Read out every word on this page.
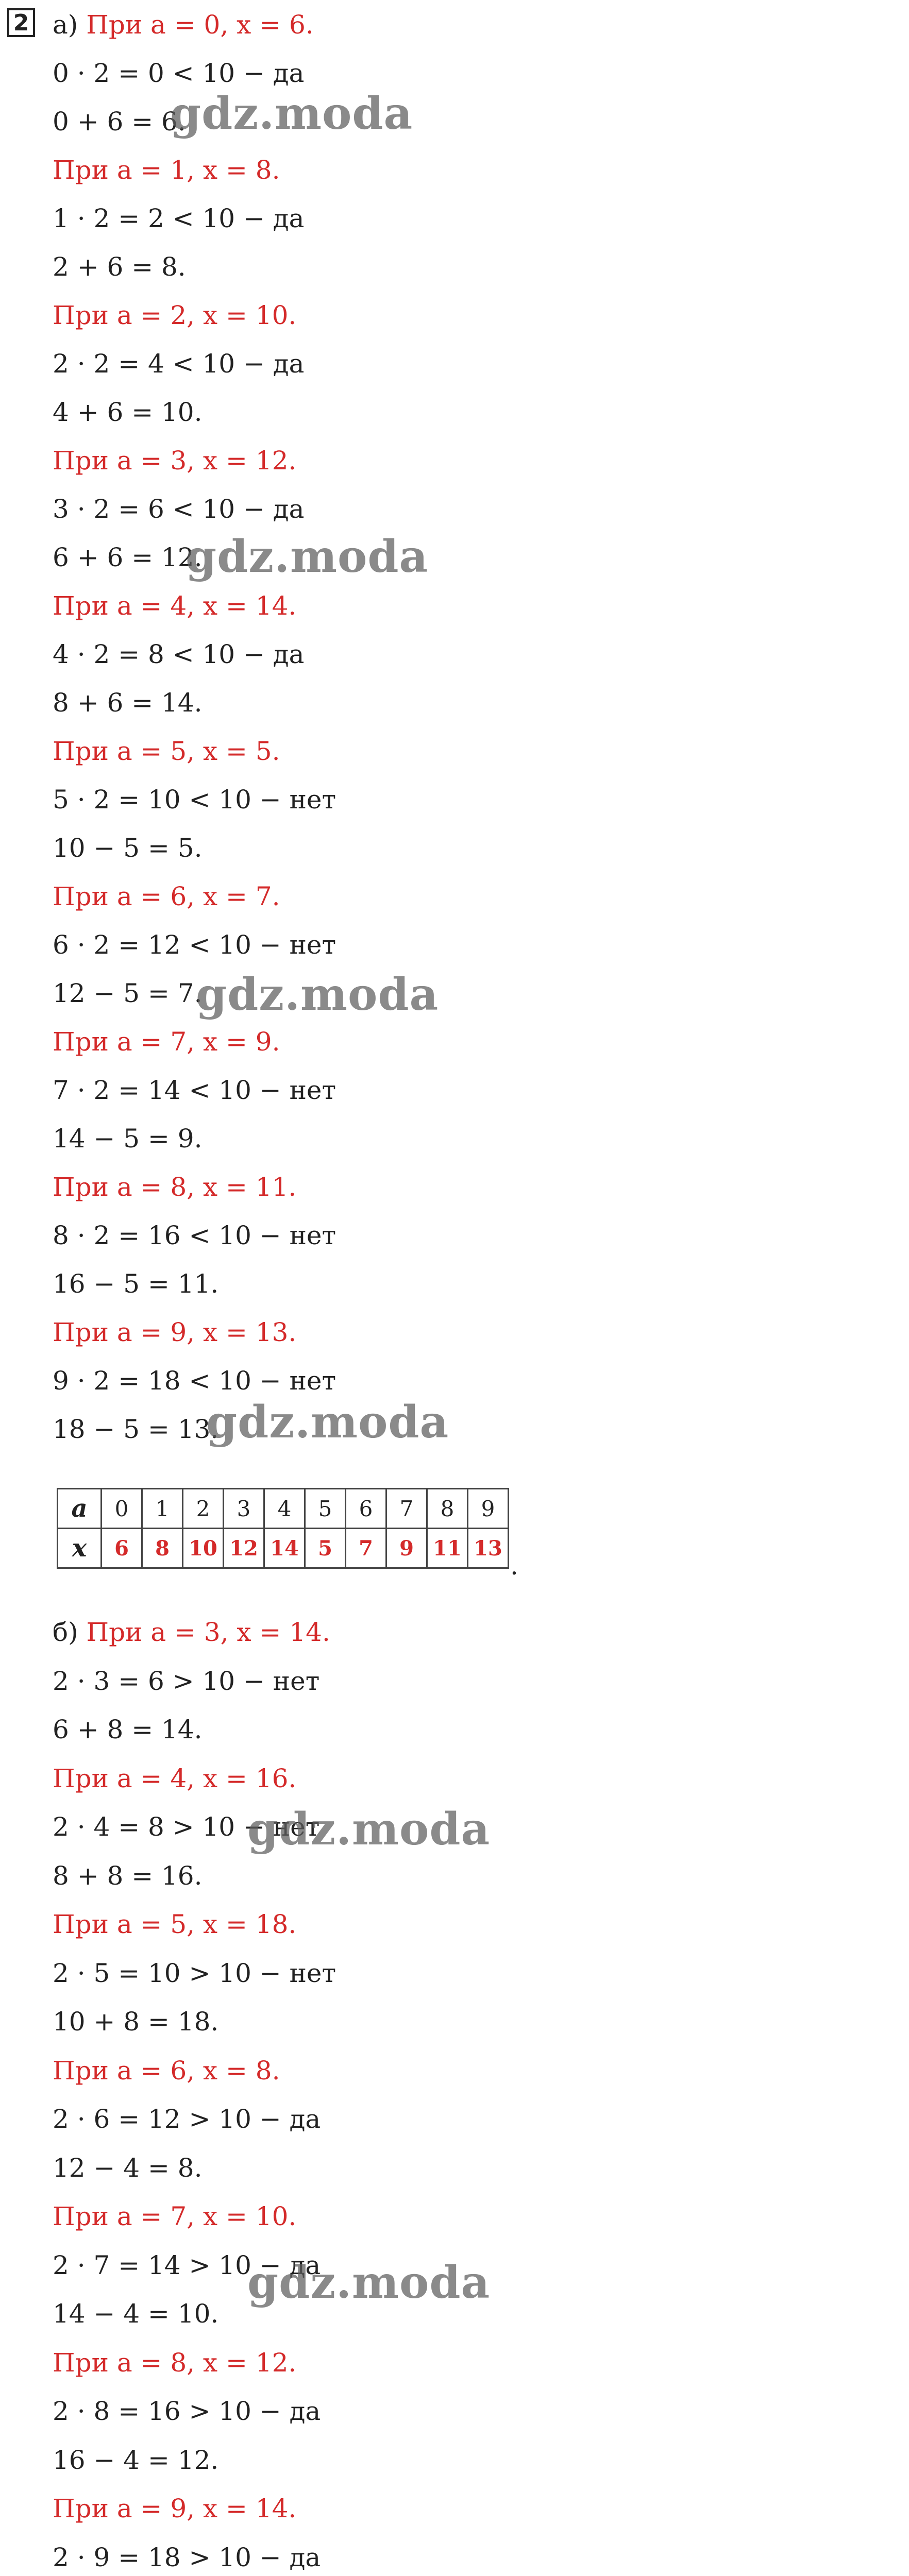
2 а) При a = 0, x = 6.
0 · 2 = 0 < 10 − да
0 + 6 = 6.
При a = 1, x = 8.
1 · 2 = 2 < 10 − да
2 + 6 = 8.
При a = 2, x = 10.
2 · 2 = 4 < 10 − да
4 + 6 = 10.
При a = 3, x = 12.
3 · 2 = 6 < 10 − да
6 + 6 = 12.
При a = 4, x = 14.
4 · 2 = 8 < 10 − да
8 + 6 = 14.
При a = 5, x = 5.
5 · 2 = 10 < 10 − нет
10 − 5 = 5.
При a = 6, x = 7.
6 · 2 = 12 < 10 − нет
12 − 5 = 7.
При a = 7, x = 9.
7 · 2 = 14 < 10 − нет
14 − 5 = 9.
При a = 8, x = 11.
8 · 2 = 16 < 10 − нет
16 − 5 = 11.
При a = 9, x = 13.
9 · 2 = 18 < 10 − нет
18 − 5 = 13.
a	0	1	2	3	4	5	6	7	8	9
x	6	8	10	12	14	5	7	9	11	13
.
б) При a = 3, x = 14.
2 · 3 = 6 > 10 − нет
6 + 8 = 14.
При a = 4, x = 16.
2 · 4 = 8 > 10 − нет
8 + 8 = 16.
При a = 5, x = 18.
2 · 5 = 10 > 10 − нет
10 + 8 = 18.
При a = 6, x = 8.
2 · 6 = 12 > 10 − да
12 − 4 = 8.
При a = 7, x = 10.
2 · 7 = 14 > 10 − да
14 − 4 = 10.
При a = 8, x = 12.
2 · 8 = 16 > 10 − да
16 − 4 = 12.
При a = 9, x = 14.
2 · 9 = 18 > 10 − да

gdz.moda
gdz.moda
gdz.moda
gdz.moda
gdz.moda
gdz.moda
